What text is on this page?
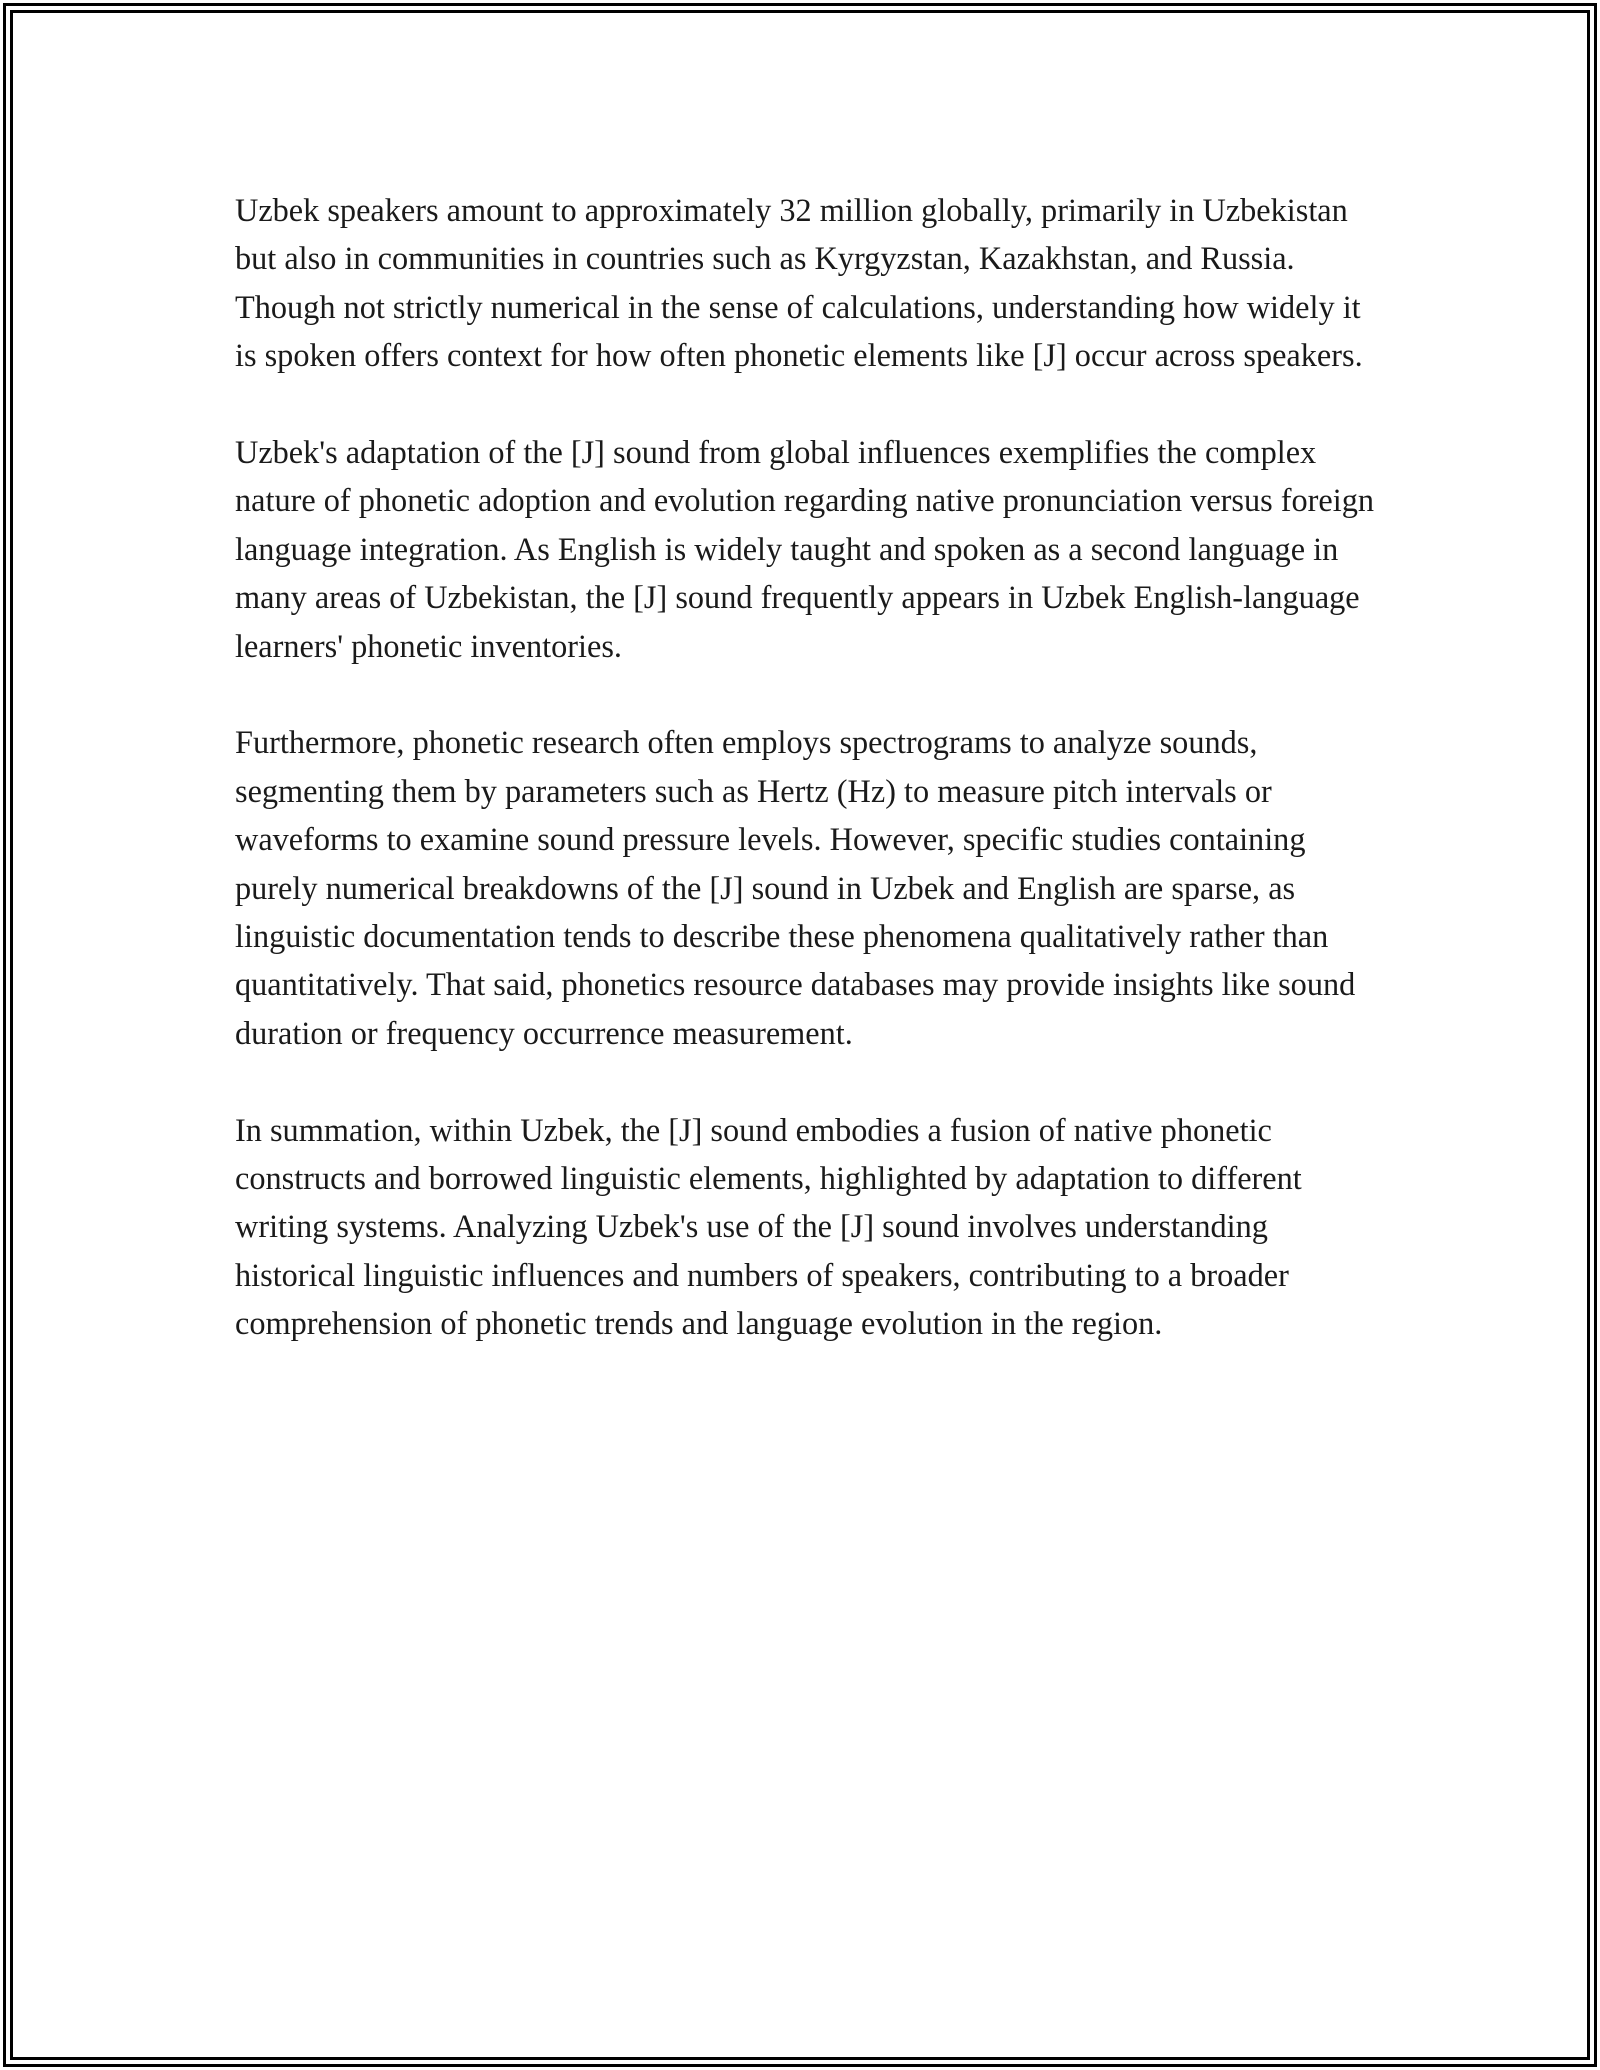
Uzbek speakers amount to approximately 32 million globally, primarily in Uzbekistan but also in communities in countries such as Kyrgyzstan, Kazakhstan, and Russia. Though not strictly numerical in the sense of calculations, understanding how widely it is spoken offers context for how often phonetic elements like [J] occur across speakers.

Uzbek's adaptation of the [J] sound from global influences exemplifies the complex nature of phonetic adoption and evolution regarding native pronunciation versus foreign language integration. As English is widely taught and spoken as a second language in many areas of Uzbekistan, the [J] sound frequently appears in Uzbek English-language learners' phonetic inventories.

Furthermore, phonetic research often employs spectrograms to analyze sounds, segmenting them by parameters such as Hertz (Hz) to measure pitch intervals or waveforms to examine sound pressure levels. However, specific studies containing purely numerical breakdowns of the [J] sound in Uzbek and English are sparse, as linguistic documentation tends to describe these phenomena qualitatively rather than quantitatively. That said, phonetics resource databases may provide insights like sound duration or frequency occurrence measurement.

In summation, within Uzbek, the [J] sound embodies a fusion of native phonetic constructs and borrowed linguistic elements, highlighted by adaptation to different writing systems. Analyzing Uzbek's use of the [J] sound involves understanding historical linguistic influences and numbers of speakers, contributing to a broader comprehension of phonetic trends and language evolution in the region.
